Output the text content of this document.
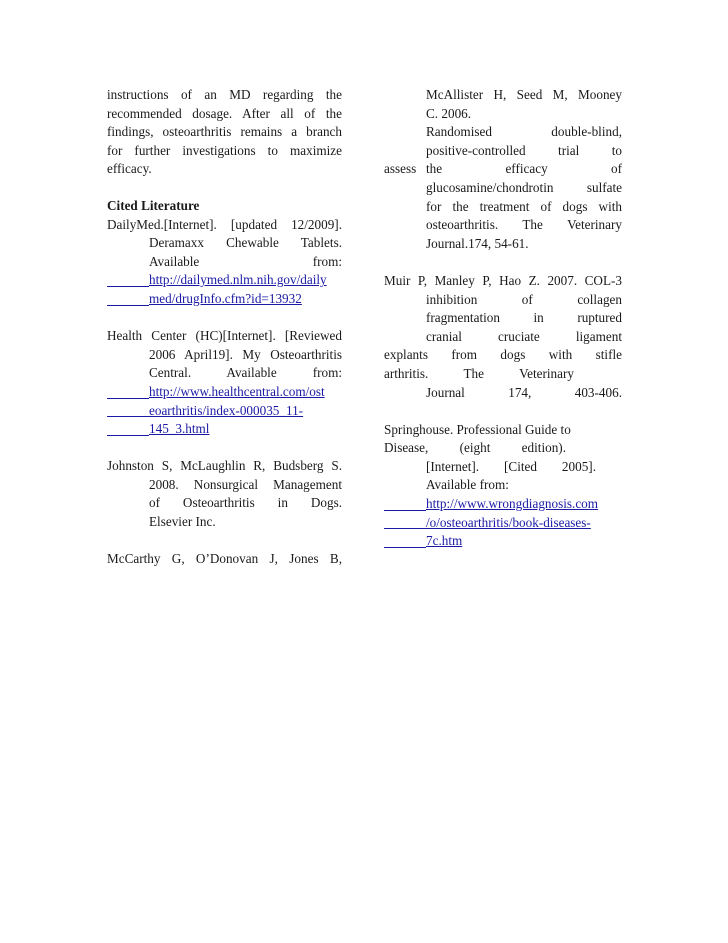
instructions of an MD regarding the
recommended dosage. After all of the
findings, osteoarthritis remains a branch
for further investigations to maximize
efficacy.
Cited Literature

DailyMed.[Internet]. [updated 12/2009].

Deramaxx Chewable Tablets.

Available from:

http://dailymed.nlm.nih.gov/daily

med/drugInfo.cfm?id=13932

Health Center (HC)[Internet]. [Reviewed

2006 April19]. My Osteoarthritis

Central. Available from:

http://www.healthcentral.com/ost

eoarthritis/index-000035_11-

145_3.html

Johnston S, McLaughlin R, Budsberg S.

2008. Nonsurgical Management

of Osteoarthritis in Dogs.

Elsevier Inc.

McCarthy G, O’Donovan J, Jones B,

McAllister H, Seed M, Mooney

C. 2006.

Randomised double-blind,

positive-controlled trial to

assess the efficacy of

glucosamine/chondrotin sulfate

for the treatment of dogs with

osteoarthritis. The Veterinary

Journal.174, 54-61.

Muir P, Manley P, Hao Z. 2007. COL-3

inhibition of collagen

fragmentation in ruptured

cranial cruciate ligament

explants from dogs with stifle

arthritis. The Veterinary

Journal 174, 403-406.

Springhouse. Professional Guide to

Disease, (eight edition).

[Internet]. [Cited 2005].

Available from:

http://www.wrongdiagnosis.com

/o/osteoarthritis/book-diseases-

7c.htm
